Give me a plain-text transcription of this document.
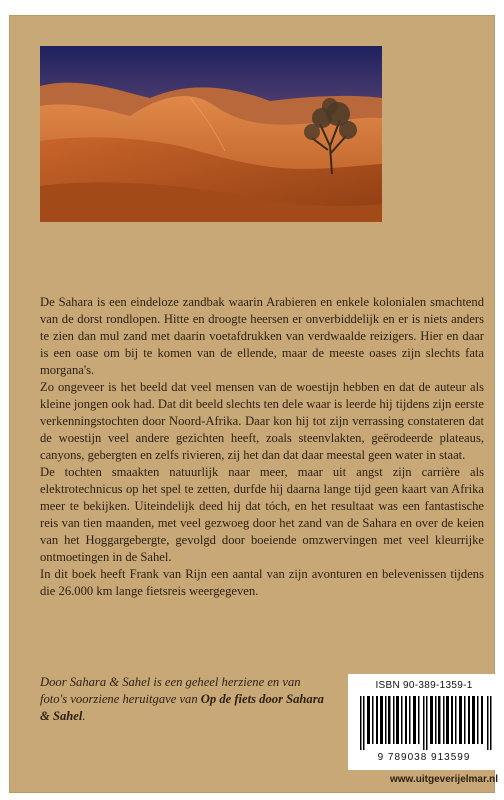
De Sahara is een eindeloze zandbak waarin Arabieren en enkele kolonialen smachtend van de dorst rondlopen. Hitte en droogte heersen er onverbiddelijk en er is niets anders te zien dan mul zand met daarin voetafdrukken van verdwaalde reizigers. Hier en daar is een oase om bij te komen van de ellende, maar de meeste oases zijn slechts fata morgana's.

Zo ongeveer is het beeld dat veel mensen van de woestijn hebben en dat de auteur als kleine jongen ook had. Dat dit beeld slechts ten dele waar is leerde hij tijdens zijn eerste verkenningstochten door Noord-Afrika. Daar kon hij tot zijn verrassing constateren dat de woestijn veel andere gezichten heeft, zoals steenvlakten, geërodeerde plateaus, canyons, gebergten en zelfs rivieren, zij het dan dat daar meestal geen water in staat.

De tochten smaakten natuurlijk naar meer, maar uit angst zijn carrière als elektrotechnicus op het spel te zetten, durfde hij daarna lange tijd geen kaart van Afrika meer te bekijken. Uiteindelijk deed hij dat tóch, en het resultaat was een fantastische reis van tien maanden, met veel gezwoeg door het zand van de Sahara en over de keien van het Hoggargebergte, gevolgd door boeiende omzwervingen met veel kleurrijke ontmoetingen in de Sahel.

In dit boek heeft Frank van Rijn een aantal van zijn avonturen en belevenissen tijdens die 26.000 km lange fietsreis weergegeven.

Door Sahara & Sahel is een geheel herziene en van foto's voorziene heruitgave van Op de fiets door Sahara & Sahel.
ISBN 90-389-1359-1
9 789038 913599
www.uitgeverijelmar.nl
